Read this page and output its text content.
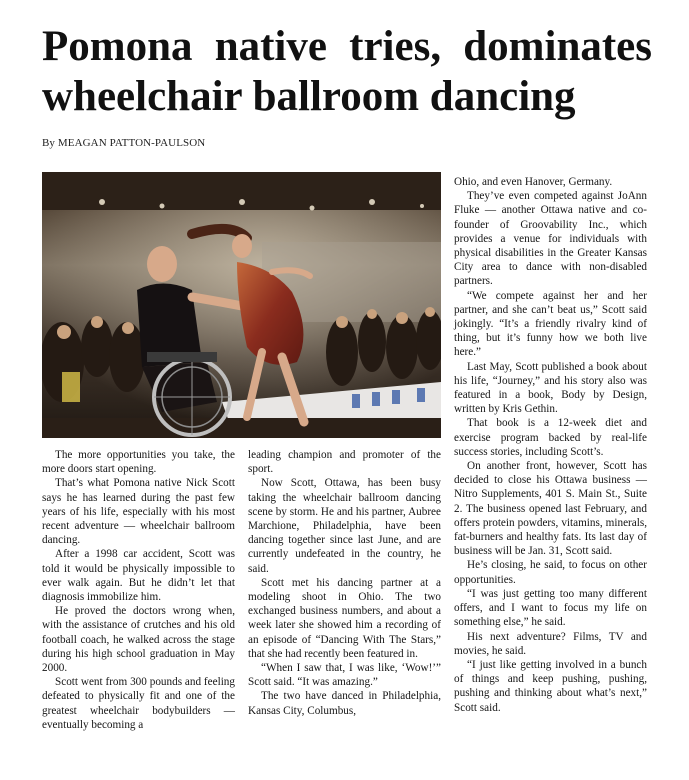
Pomona native tries, dominates
wheelchair ballroom dancing
By MEAGAN PATTON-PAULSON

The more opportunities you take, the more doors start opening.

That’s what Pomona native Nick Scott says he has learned during the past few years of his life, especially with his most recent adventure — wheelchair ballroom dancing.

After a 1998 car accident, Scott was told it would be physically impossible to ever walk again. But he didn’t let that diagnosis immobilize him.

He proved the doctors wrong when, with the assistance of crutches and his old football coach, he walked across the stage during his high school graduation in May 2000.

Scott went from 300 pounds and feeling defeated to physically fit and one of the greatest wheelchair bodybuilders — eventually becoming a

leading champion and promoter of the sport.

Now Scott, Ottawa, has been busy taking the wheelchair ballroom dancing scene by storm. He and his partner, Aubree Marchione, Philadelphia, have been dancing together since last June, and are currently undefeated in the country, he said.

Scott met his dancing partner at a modeling shoot in Ohio. The two exchanged business numbers, and about a week later she showed him a recording of an episode of “Dancing With The Stars,” that she had recently been featured in.

“When I saw that, I was like, ‘Wow!’” Scott said. “It was amazing.”

The two have danced in Philadelphia, Kansas City, Columbus,

Ohio, and even Hanover, Germany.

They’ve even competed against JoAnn Fluke — another Ottawa native and co-founder of Groovability Inc., which provides a venue for individuals with physical disabilities in the Greater Kansas City area to dance with non-disabled partners.

“We compete against her and her partner, and she can’t beat us,” Scott said jokingly. “It’s a friendly rivalry kind of thing, but it’s funny how we both live here.”

Last May, Scott published a book about his life, “Journey,” and his story also was featured in a book, Body by Design, written by Kris Gethin.

That book is a 12-week diet and exercise program backed by real-life success stories, including Scott’s.

On another front, however, Scott has decided to close his Ottawa business — Nitro Supplements, 401 S. Main St., Suite 2. The business opened last February, and offers protein powders, vitamins, minerals, fat-burners and healthy fats. Its last day of business will be Jan. 31, Scott said.

He’s closing, he said, to focus on other opportunities.

“I was just getting too many different offers, and I want to focus my life on something else,” he said.

His next adventure? Films, TV and movies, he said.

“I just like getting involved in a bunch of things and keep pushing, pushing, pushing and thinking about what’s next,” Scott said.
